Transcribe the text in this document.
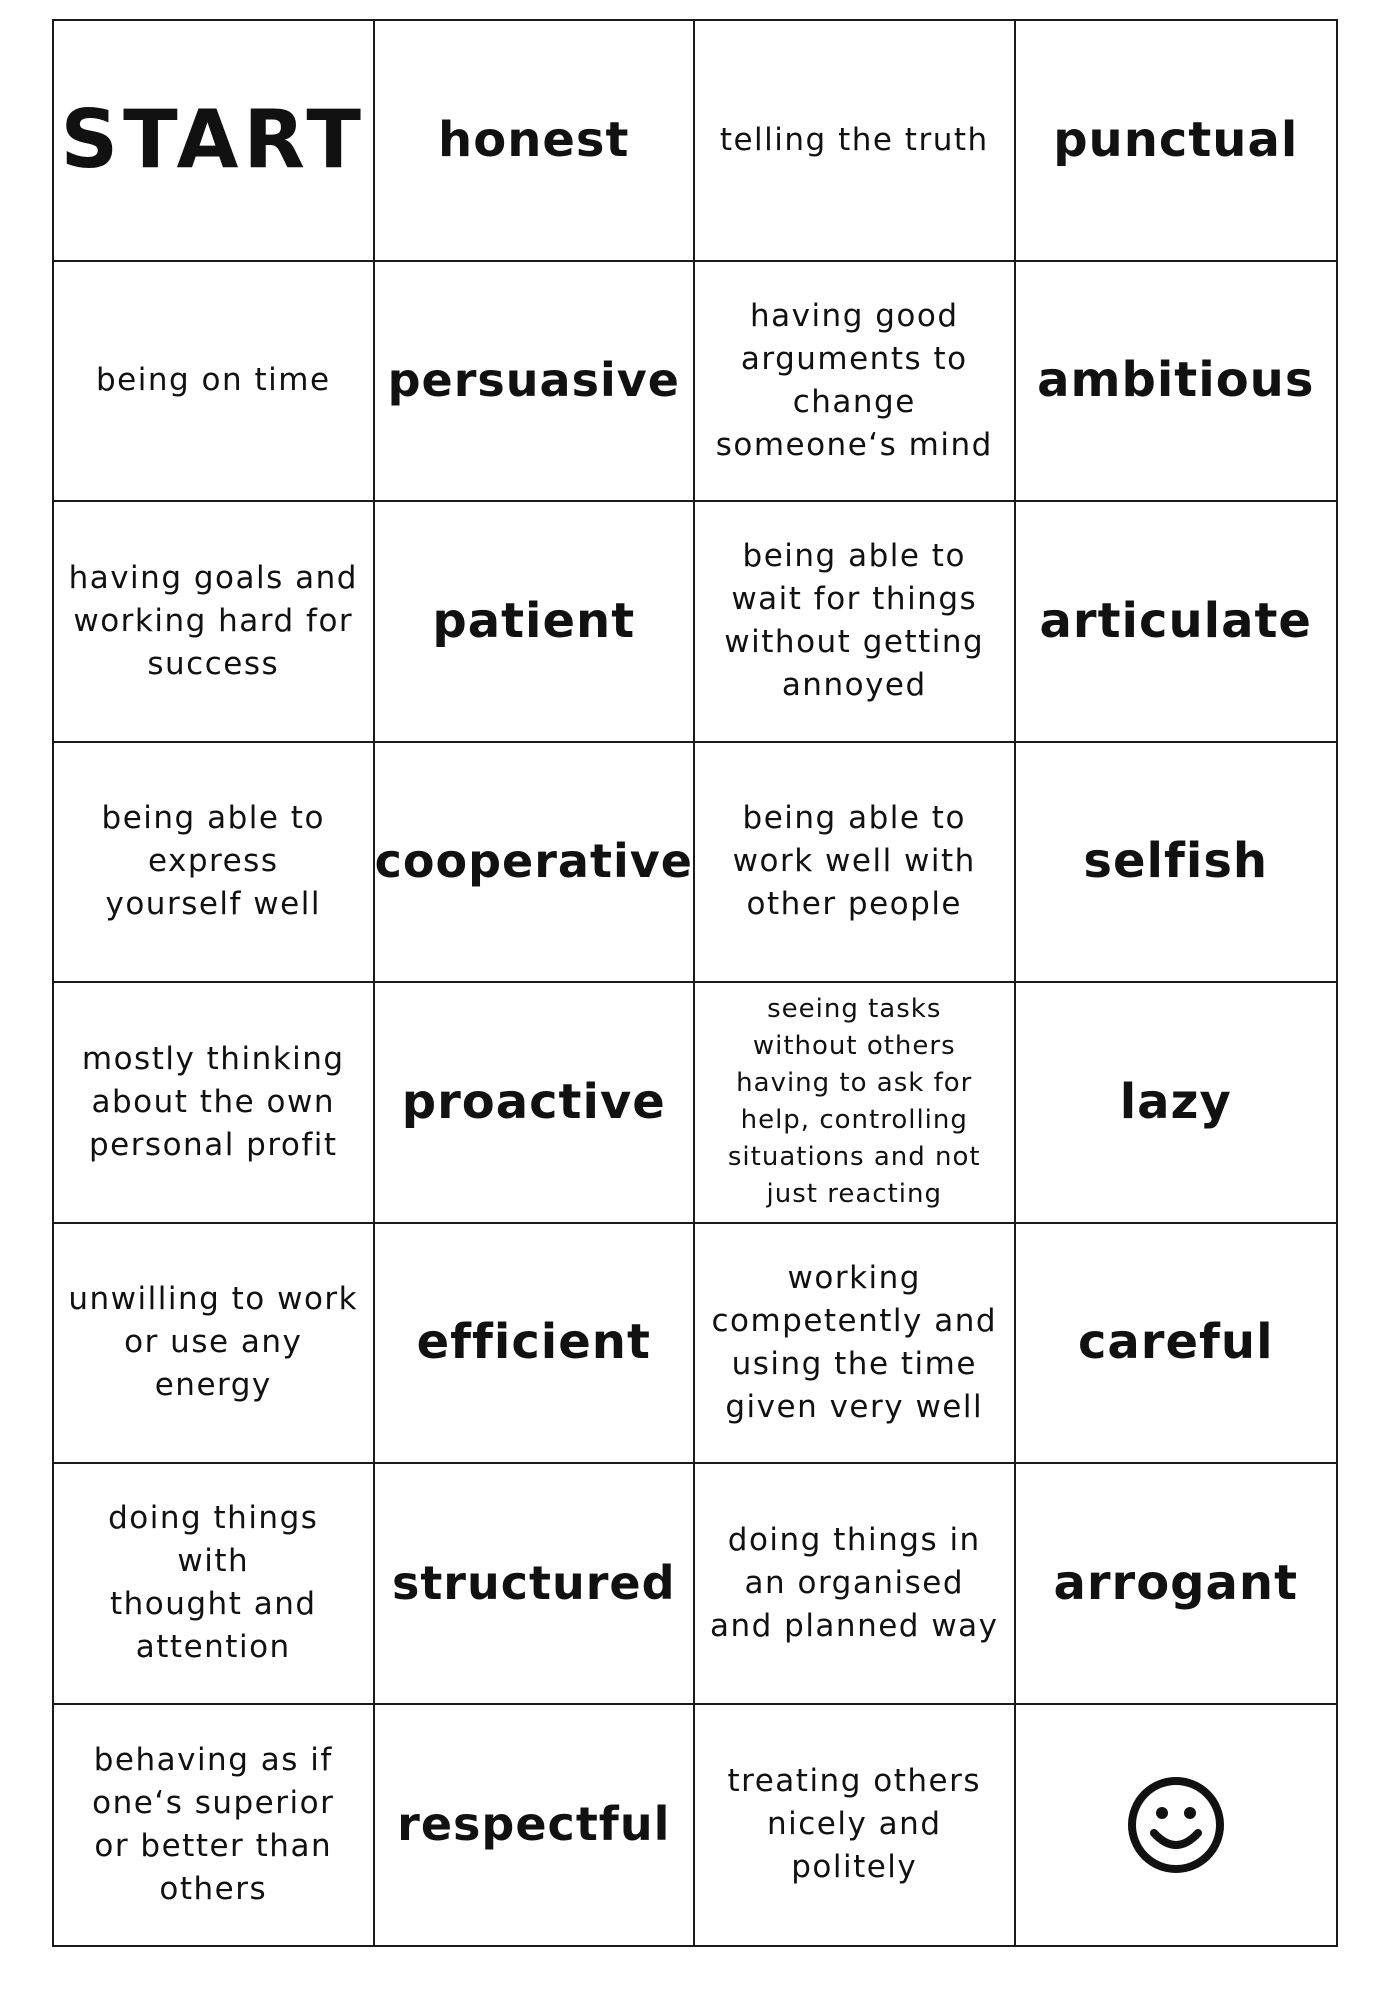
START honest	telling the truth punctual
being on time persuasive
having good
arguments to
change
someone‘s mind
ambitious
having goals and
working hard for
success
patient
being able to
wait for things
without getting
annoyed
articulate
being able to
express
yourself well
cooperative
being able to
work well with
other people
selfish
mostly thinking
about the own
personal profit
proactive
seeing tasks
without others
having to ask for
help, controlling
situations and not
just reacting
lazy
unwilling to work
or use any
energy
efficient
working
competently and
using the time
given very well
careful
doing things with
thought and
attention
structured
doing things in
an organised
and planned way
arrogant
behaving as if
one‘s superior
or better than
others
respectful
treating others
nicely and
politely
